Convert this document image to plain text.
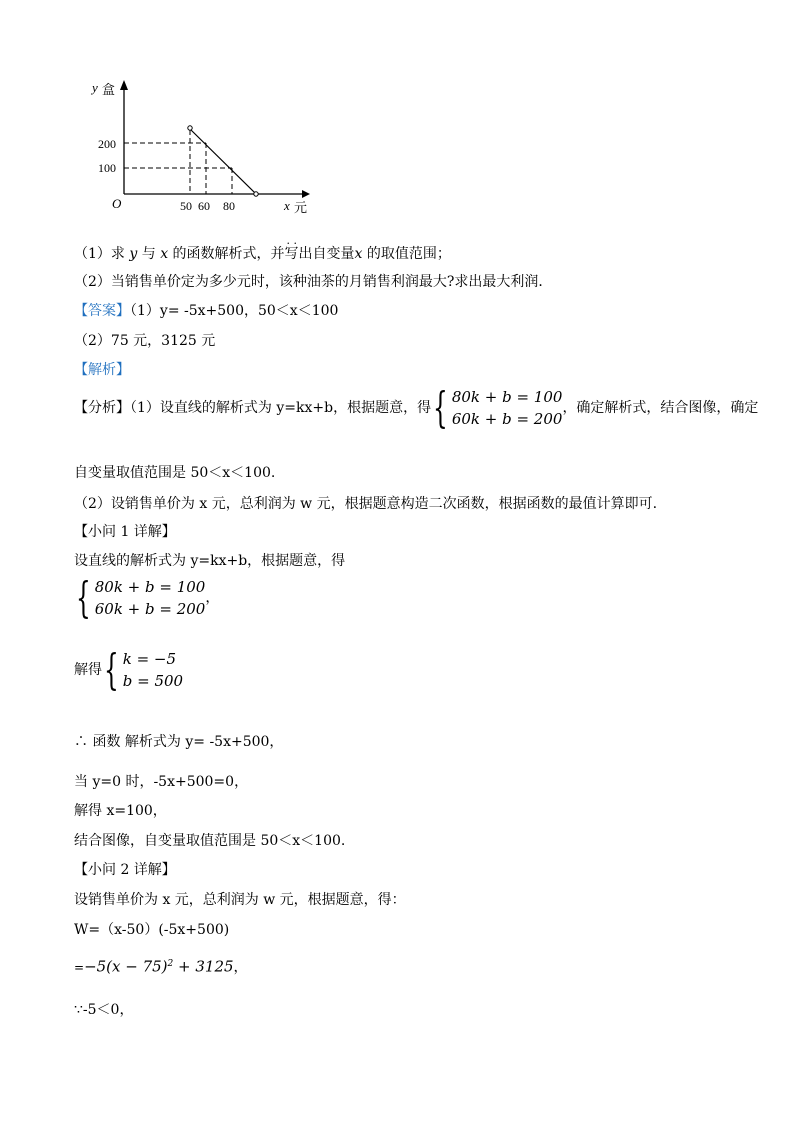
y 盒
200
100
O	50 60 80	x 元
（1）求 y 与 x 的函数解析式，并· · 写出自变量x 的取值范围；
（2）当销售单价定为多少元时，该种油茶的月销售利润最大?求出最大利润．
【答案】（1）y= -5x+500，50＜x＜100
（2）75 元，3125 元
【解析】
【分析】（1）设直线的解析式为 y=kx+b，根据题意，得{ 80k + b = 100
60k + b = 200
，确定解析式，结合图像，确定
自变量取值范围是 50＜x＜100.
（2）设销售单价为 x 元，总利润为 w 元，根据题意构造二次函数，根据函数的最值计算即可.
【小问 1 详解】
设直线的解析式为 y=kx+b，根据题意，得
{ 80k + b = 100
60k + b = 200
，
解得{ k = −5
b = 500
∴ 函数 解析式为 y= -5x+500，
当 y=0 时，-5x+500=0，
解得 x=100，
结合图像，自变量取值范围是 50＜x＜100.
【小问 2 详解】
设销售单价为 x 元，总利润为 w 元，根据题意，得：
W=（x-50）(-5x+500)
$=-5(x - 75)^2 + 3125$，
∵-5＜0，
